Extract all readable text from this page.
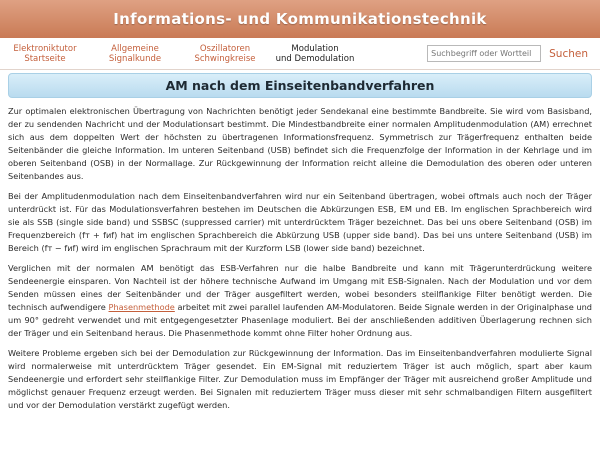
Informations- und Kommunikationstechnik
Elektroniktutor
Startseite
Allgemeine
Signalkunde
Oszillatoren
Schwingkreise
Modulation
und Demodulation
Suchbegriff oder Wortteil	Suchen
AM nach dem Einseitenbandverfahren

Zur optimalen elektronischen Übertragung von Nachrichten benötigt jeder Sendekanal eine bestimmte Bandbreite. Sie wird vom Basisband, der zu sendenden Nachricht und der Modulationsart bestimmt. Die Mindestbandbreite einer normalen Amplitudenmodulation (AM) errechnet sich aus dem doppelten Wert der höchsten zu übertragenen Informationsfrequenz. Symmetrisch zur Trägerfrequenz enthalten beide Seitenbänder die gleiche Information. Im unteren Seitenband (USB) befindet sich die Frequenzfolge der Information in der Kehrlage und im oberen Seitenband (OSB) in der Normallage. Zur Rückgewinnung der Information reicht alleine die Demodulation des oberen oder unteren Seitenbandes aus.

Bei der Amplitudenmodulation nach dem Einseitenbandverfahren wird nur ein Seitenband übertragen, wobei oftmals auch noch der Träger unterdrückt ist. Für das Modulationsverfahren bestehen im Deutschen die Abkürzungen ESB, EM und EB. Im englischen Sprachbereich wird sie als SSB (single side band) und SSBSC (suppressed carrier) mit unterdrücktem Träger bezeichnet. Das bei uns obere Seitenband (OSB) im Frequenzbereich (fт + fиf) hat im englischen Sprachbereich die Abkürzung USB (upper side band). Das bei uns untere Seitenband (USB) im Bereich (fт − fиf) wird im englischen Sprachraum mit der Kurzform LSB (lower side band) bezeichnet.

Verglichen mit der normalen AM benötigt das ESB-Verfahren nur die halbe Bandbreite und kann mit Trägerunterdrückung weitere Sendeenergie einsparen. Von Nachteil ist der höhere technische Aufwand im Umgang mit ESB-Signalen. Nach der Modulation und vor dem Senden müssen eines der Seitenbänder und der Träger ausgefiltert werden, wobei besonders steilflankige Filter benötigt werden. Die technisch aufwendigere Phasenmethode arbeitet mit zwei parallel laufenden AM-Modulatoren. Beide Signale werden in der Originalphase und um 90° gedreht verwendet und mit entgegengesetzter Phasenlage moduliert. Bei der anschließenden additiven Überlagerung rechnen sich der Träger und ein Seitenband heraus. Die Phasenmethode kommt ohne Filter hoher Ordnung aus.

Weitere Probleme ergeben sich bei der Demodulation zur Rückgewinnung der Information. Das im Einseitenbandverfahren modulierte Signal wird normalerweise mit unterdrücktem Träger gesendet. Ein EM-Signal mit reduziertem Träger ist auch möglich, spart aber kaum Sendeenergie und erfordert sehr steilflankige Filter. Zur Demodulation muss im Empfänger der Träger mit ausreichend großer Amplitude und möglichst genauer Frequenz erzeugt werden. Bei Signalen mit reduziertem Träger muss dieser mit sehr schmalbandigen Filtern ausgefiltert und vor der Demodulation verstärkt zugefügt werden.
